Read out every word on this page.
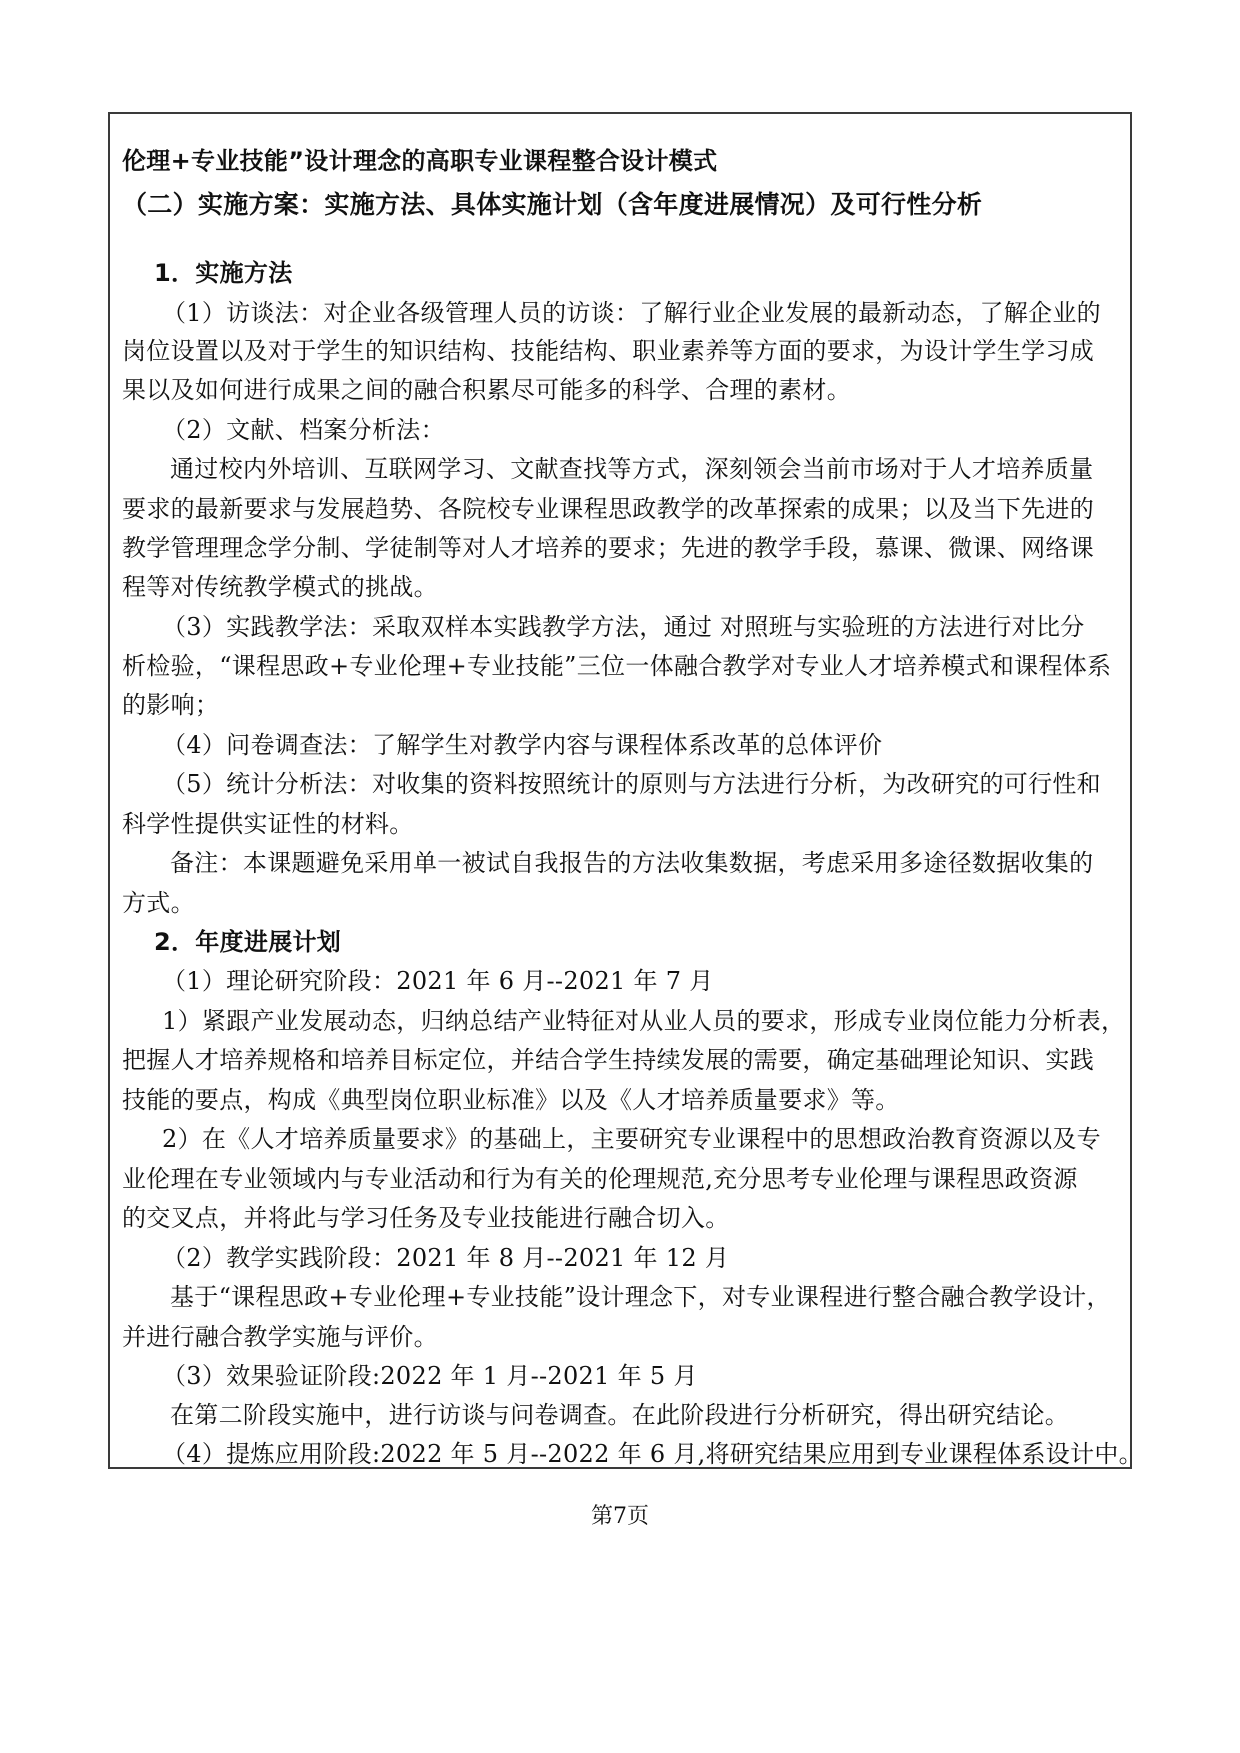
伦理+专业技能”设计理念的高职专业课程整合设计模式
（二）实施方案：实施方法、具体实施计划（含年度进展情况）及可行性分析
1．实施方法
（1）访谈法：对企业各级管理人员的访谈：了解行业企业发展的最新动态，了解企业的
岗位设置以及对于学生的知识结构、技能结构、职业素养等方面的要求，为设计学生学习成
果以及如何进行成果之间的融合积累尽可能多的科学、合理的素材。
（2）文献、档案分析法：
通过校内外培训、互联网学习、文献查找等方式，深刻领会当前市场对于人才培养质量
要求的最新要求与发展趋势、各院校专业课程思政教学的改革探索的成果；以及当下先进的
教学管理理念学分制、学徒制等对人才培养的要求；先进的教学手段，慕课、微课、网络课
程等对传统教学模式的挑战。
（3）实践教学法：采取双样本实践教学方法，通过 对照班与实验班的方法进行对比分
析检验，“课程思政+专业伦理+专业技能”三位一体融合教学对专业人才培养模式和课程体系
的影响；
（4）问卷调查法：了解学生对教学内容与课程体系改革的总体评价
（5）统计分析法：对收集的资料按照统计的原则与方法进行分析，为改研究的可行性和
科学性提供实证性的材料。
备注：本课题避免采用单一被试自我报告的方法收集数据，考虑采用多途径数据收集的
方式。
2．年度进展计划
（1）理论研究阶段：2021 年 6 月--2021 年 7 月
1）紧跟产业发展动态，归纳总结产业特征对从业人员的要求，形成专业岗位能力分析表，
把握人才培养规格和培养目标定位，并结合学生持续发展的需要，确定基础理论知识、实践
技能的要点，构成《典型岗位职业标准》以及《人才培养质量要求》等。
2）在《人才培养质量要求》的基础上，主要研究专业课程中的思想政治教育资源以及专
业伦理在专业领域内与专业活动和行为有关的伦理规范,充分思考专业伦理与课程思政资源
的交叉点，并将此与学习任务及专业技能进行融合切入。
（2）教学实践阶段：2021 年 8 月--2021 年 12 月
基于“课程思政+专业伦理+专业技能”设计理念下，对专业课程进行整合融合教学设计，
并进行融合教学实施与评价。
（3）效果验证阶段:2022 年 1 月--2021 年 5 月
在第二阶段实施中，进行访谈与问卷调查。在此阶段进行分析研究，得出研究结论。
（4）提炼应用阶段:2022 年 5 月--2022 年 6 月,将研究结果应用到专业课程体系设计中。
第7页
